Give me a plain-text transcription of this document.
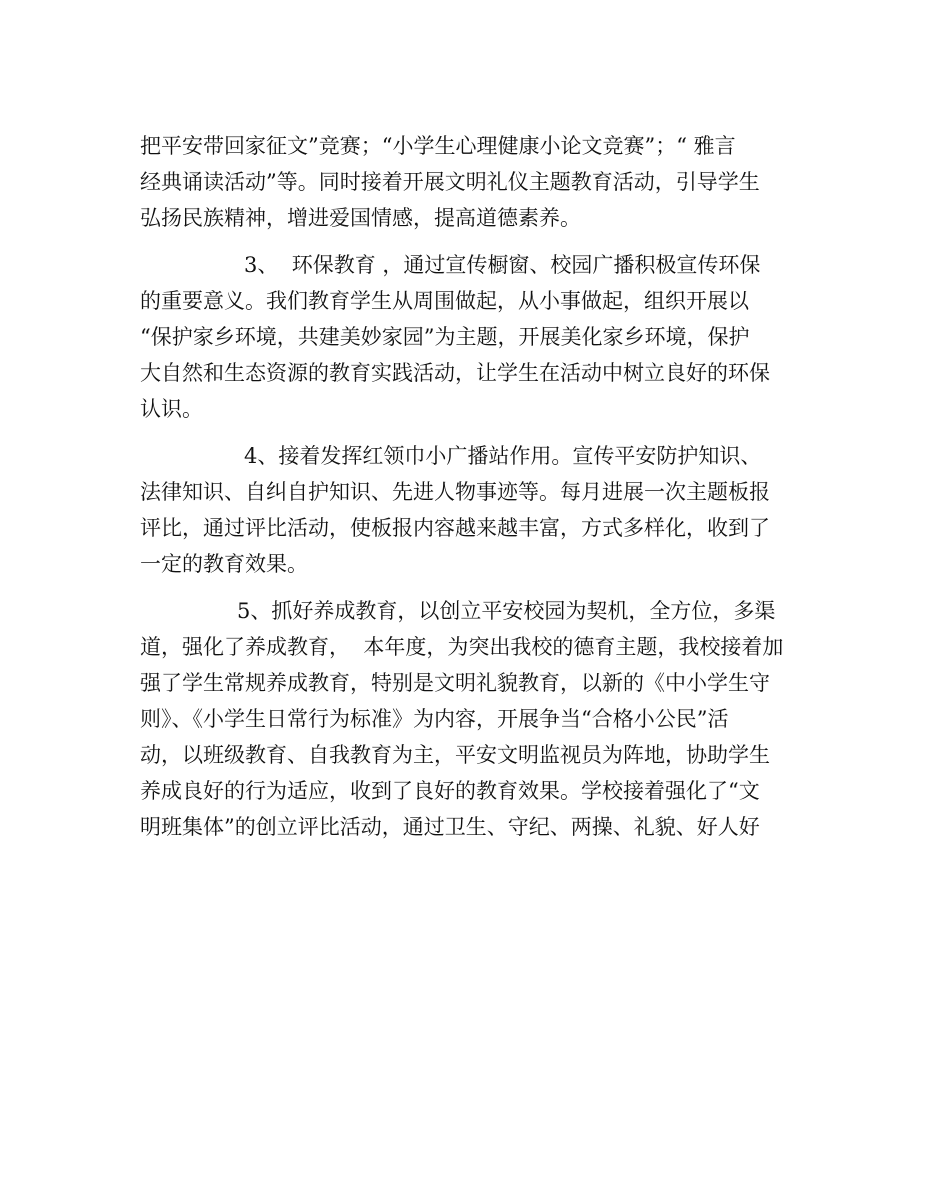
把平安带回家征文”竞赛；“小学生心理健康小论文竞赛”；“ 雅言
经典诵读活动”等。同时接着开展文明礼仪主题教育活动，引导学生
弘扬民族精神，增进爱国情感，提高道德素养。
3、  环保教育 ，通过宣传橱窗、校园广播积极宣传环保
的重要意义。我们教育学生从周围做起，从小事做起，组织开展以
“保护家乡环境，共建美妙家园”为主题，开展美化家乡环境，保护
大自然和生态资源的教育实践活动，让学生在活动中树立良好的环保
认识。
4、接着发挥红领巾小广播站作用。宣传平安防护知识、
法律知识、自纠自护知识、先进人物事迹等。每月进展一次主题板报
评比，通过评比活动，使板报内容越来越丰富，方式多样化，收到了
一定的教育效果。
5、抓好养成教育，以创立平安校园为契机，全方位，多渠
道，强化了养成教育，  本年度，为突出我校的德育主题，我校接着加
强了学生常规养成教育，特别是文明礼貌教育，以新的《中小学生守
则》、《小学生日常行为标准》为内容，开展争当“合格小公民”活
动，以班级教育、自我教育为主，平安文明监视员为阵地，协助学生
养成良好的行为适应，收到了良好的教育效果。学校接着强化了“文
明班集体”的创立评比活动，通过卫生、守纪、两操、礼貌、好人好
